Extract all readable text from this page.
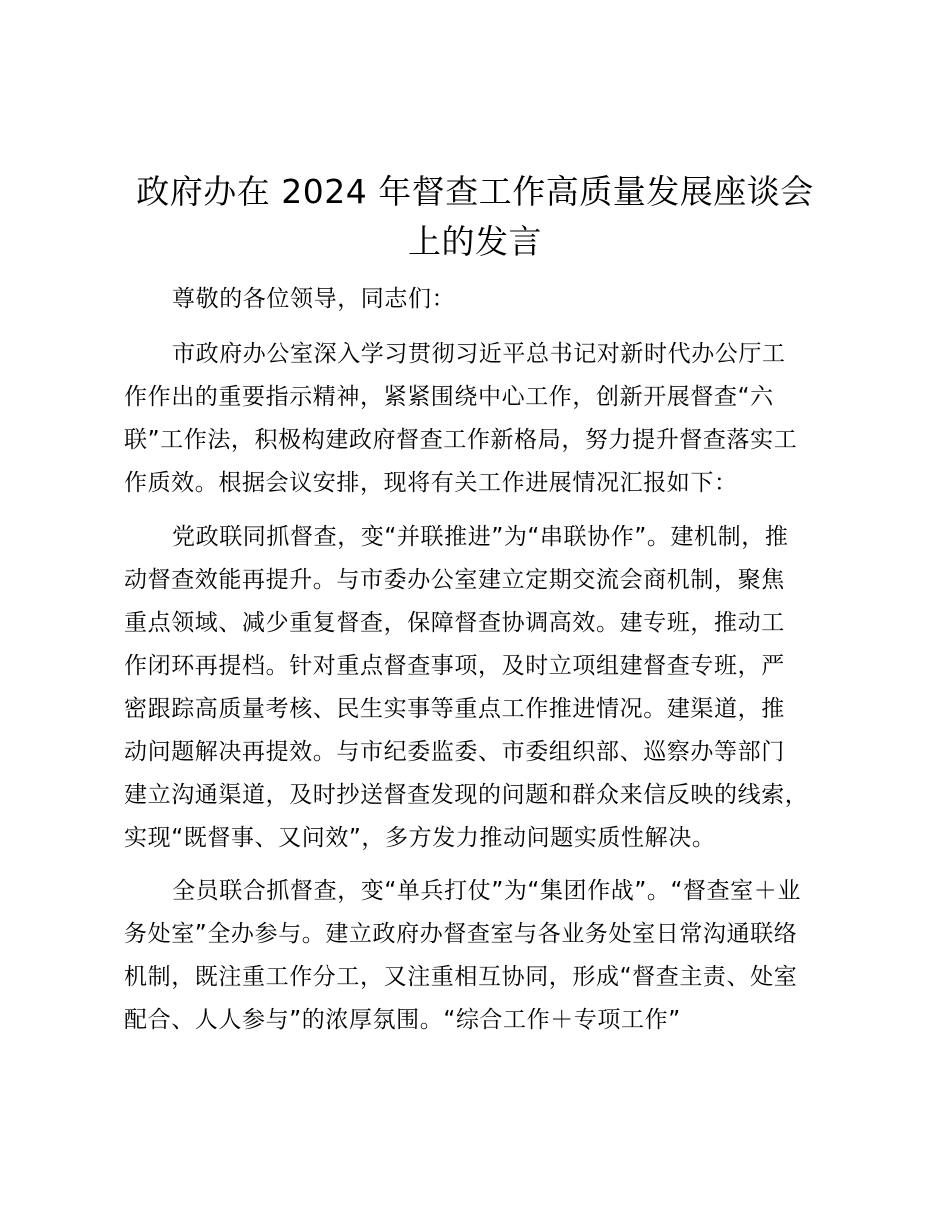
政府办在 2024 年督查工作高质量发展座谈会
上的发言

尊敬的各位领导，同志们：

市政府办公室深入学习贯彻习近平总书记对新时代办公厅工

作作出的重要指示精神，紧紧围绕中心工作，创新开展督查“六

联”工作法，积极构建政府督查工作新格局，努力提升督查落实工

作质效。根据会议安排，现将有关工作进展情况汇报如下：

党政联同抓督查，变“并联推进”为“串联协作”。建机制，推

动督查效能再提升。与市委办公室建立定期交流会商机制，聚焦

重点领域、减少重复督查，保障督查协调高效。建专班，推动工

作闭环再提档。针对重点督查事项，及时立项组建督查专班，严

密跟踪高质量考核、民生实事等重点工作推进情况。建渠道，推

动问题解决再提效。与市纪委监委、市委组织部、巡察办等部门

建立沟通渠道，及时抄送督查发现的问题和群众来信反映的线索，

实现“既督事、又问效”，多方发力推动问题实质性解决。

全员联合抓督查，变“单兵打仗”为“集团作战”。“督查室＋业

务处室”全办参与。建立政府办督查室与各业务处室日常沟通联络

机制，既注重工作分工，又注重相互协同，形成“督查主责、处室

配合、人人参与”的浓厚氛围。“综合工作＋专项工作”
